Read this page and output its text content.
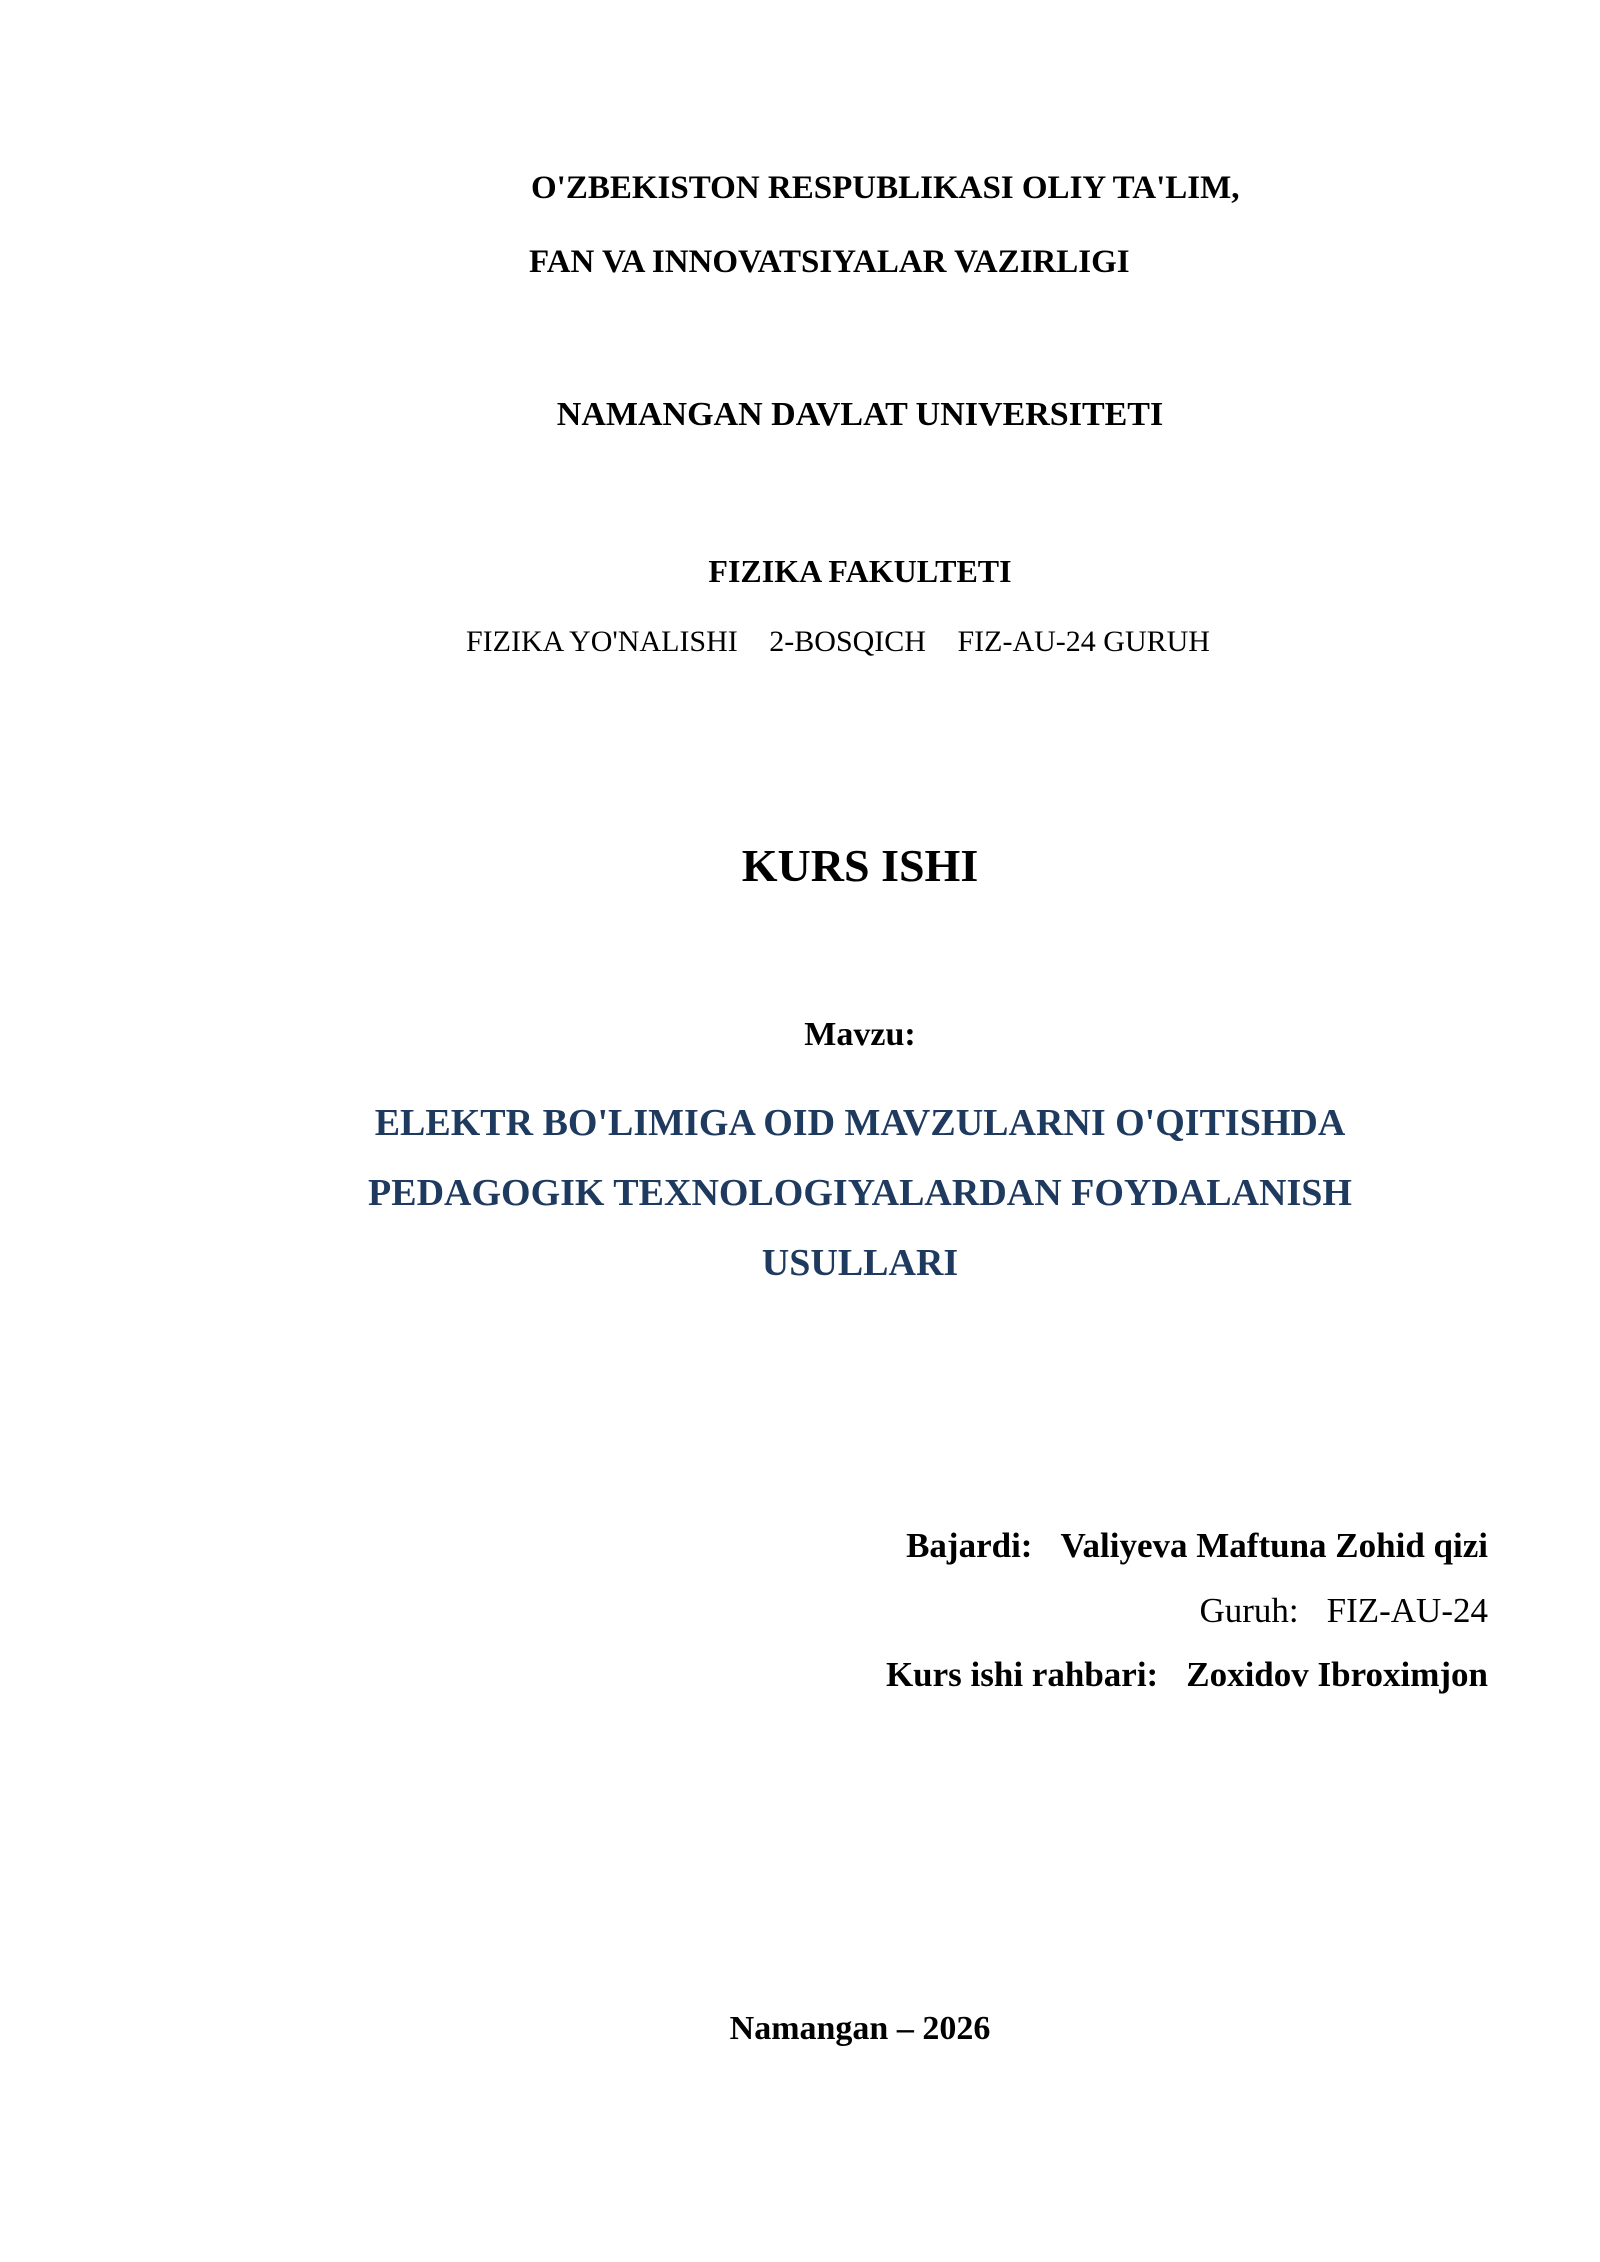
O'ZBEKISTON RESPUBLIKASI OLIY TA'LIM,
FAN VA INNOVATSIYALAR VAZIRLIGI
NAMANGAN DAVLAT UNIVERSITETI
FIZIKA FAKULTETI
FIZIKA YO'NALISHI 2-BOSQICH FIZ-AU-24 GURUH
KURS ISHI
Mavzu:
ELEKTR BO'LIMIGA OID MAVZULARNI O'QITISHDA
PEDAGOGIK TEXNOLOGIYALARDAN FOYDALANISH
USULLARI
Bajardi: Valiyeva Maftuna Zohid qizi
Guruh: FIZ-AU-24
Kurs ishi rahbari: Zoxidov Ibroximjon
Namangan – 2026
